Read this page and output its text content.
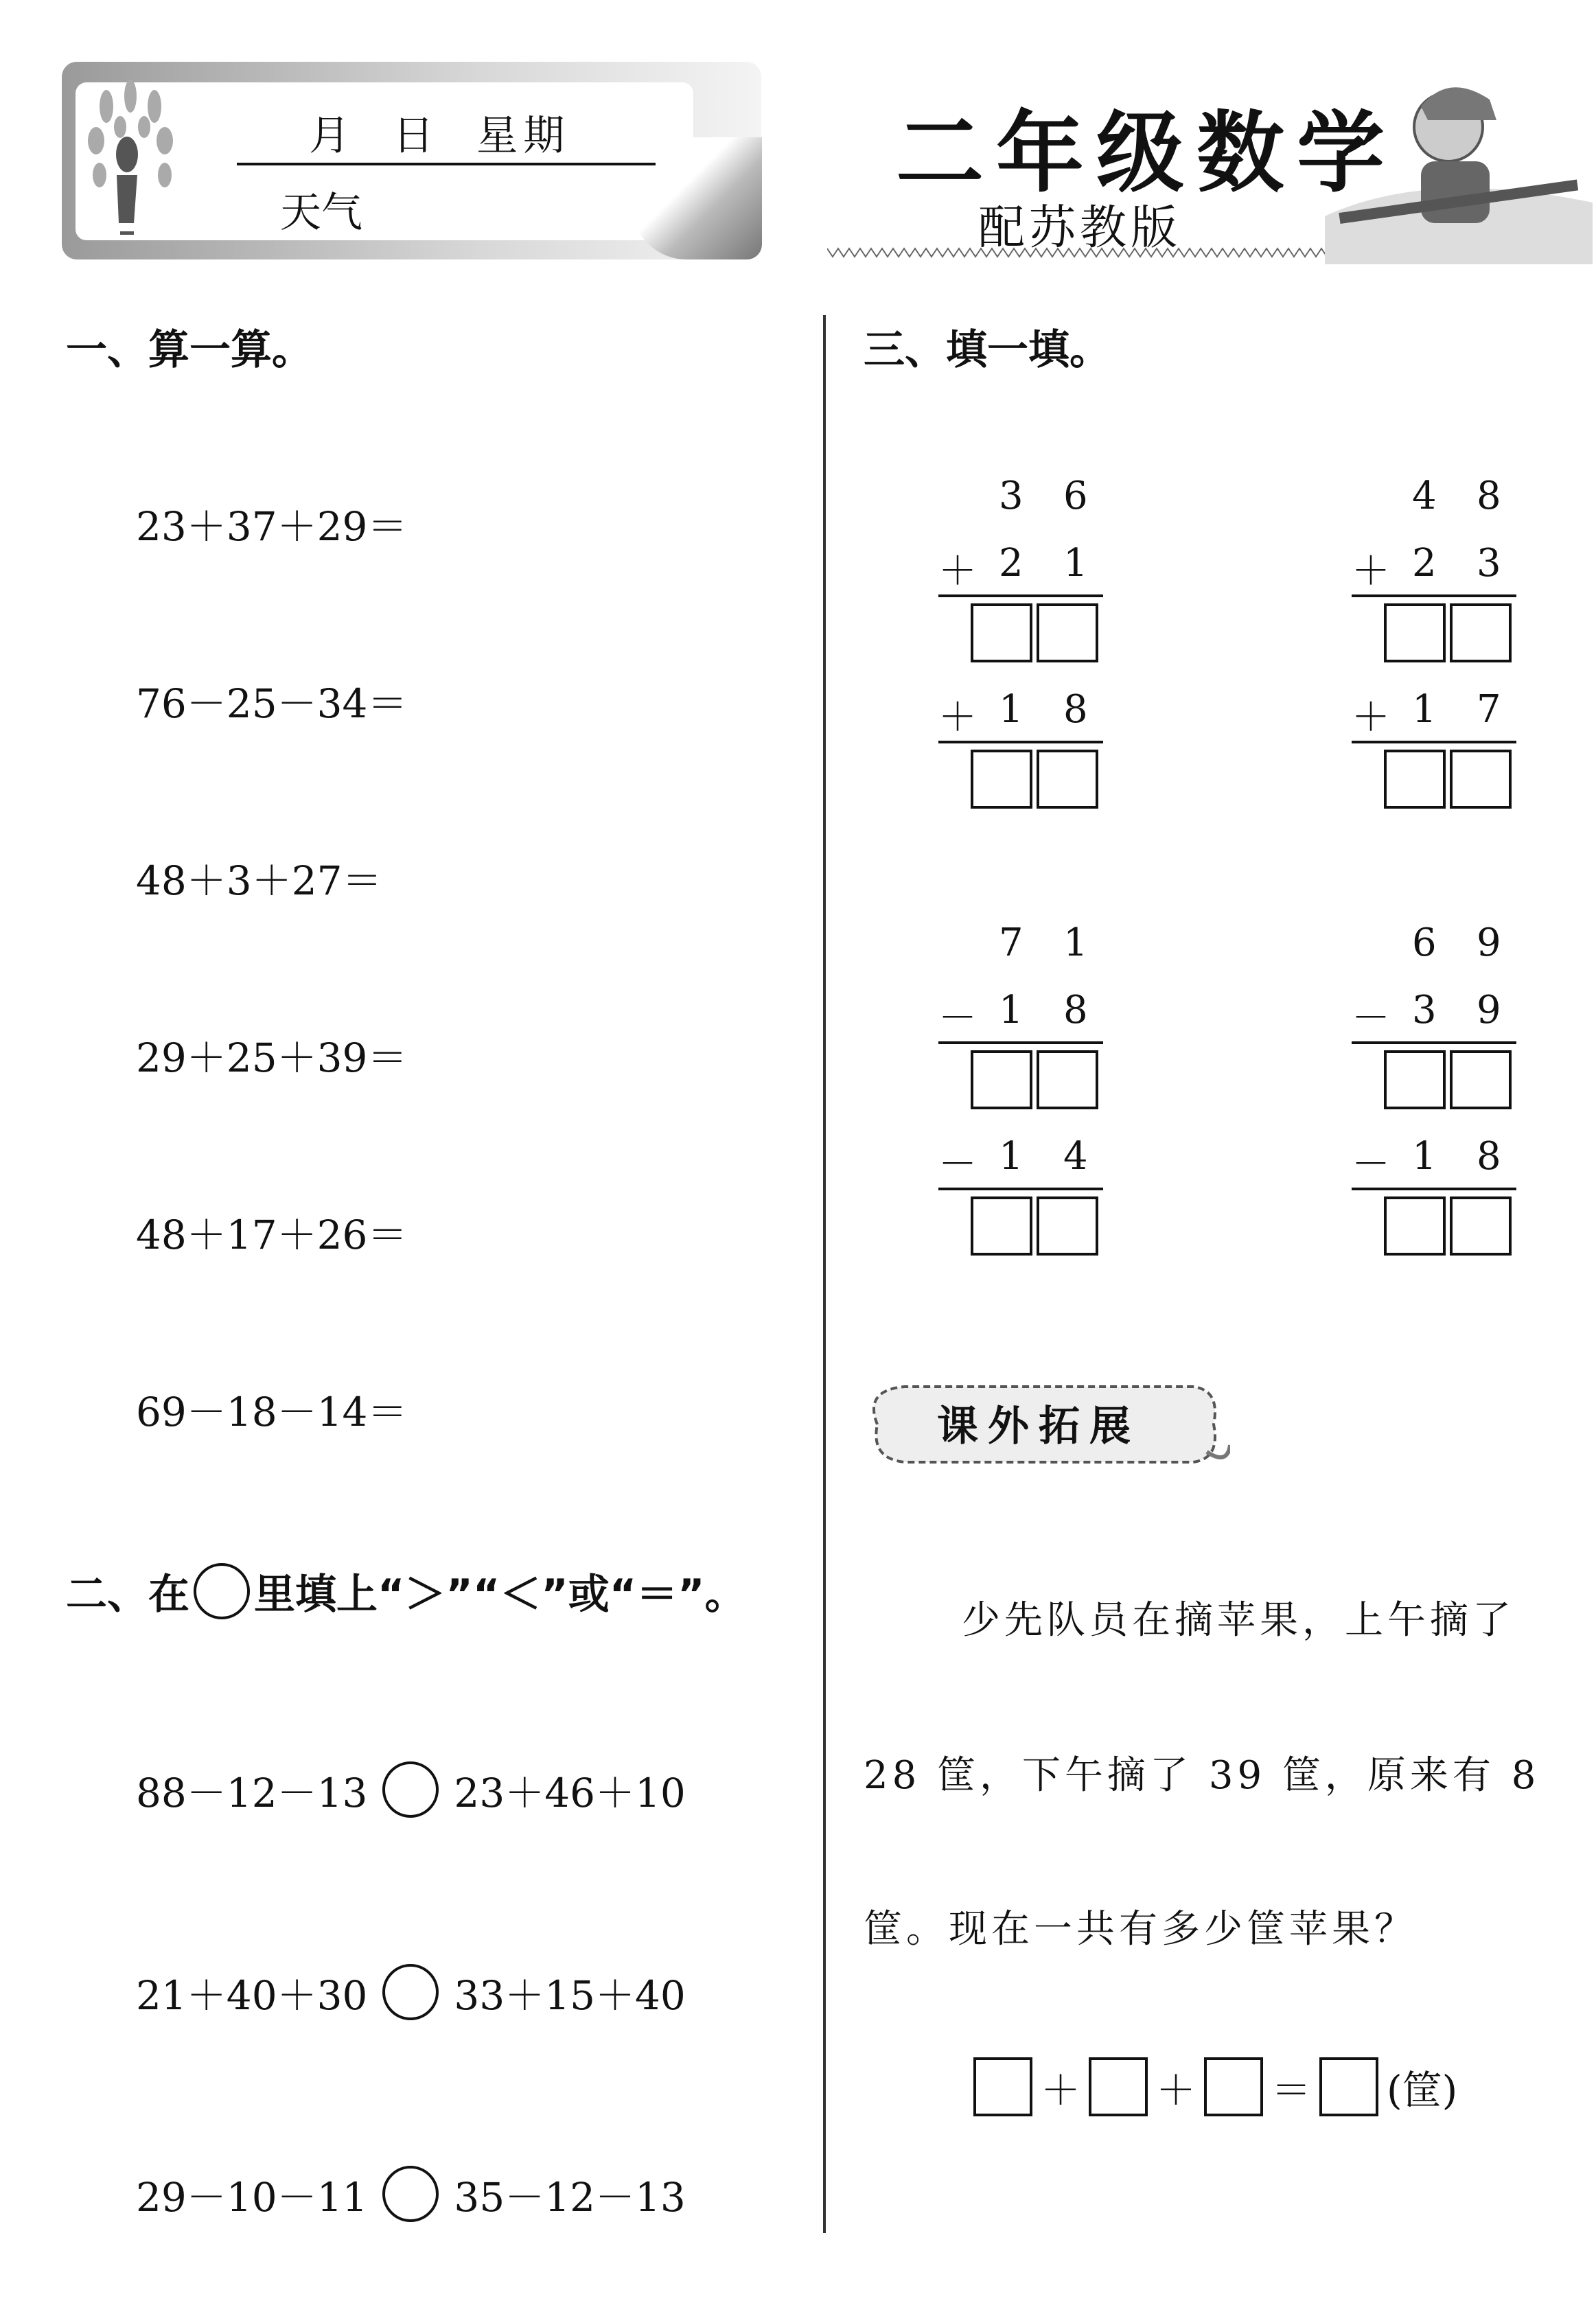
月  日  星期
天气
二年级数学
配苏教版
一、算一算。
23＋37＋29＝
76－25－34＝
48＋3＋27＝
29＋25＋39＝
48＋17＋26＝
69－18－14＝
二、在 里填上“＞”“＜”或“＝”。
88－12－13 23＋46＋10
21＋40＋30 33＋15＋40
29－10－11 35－12－13
三、填一填。
3 6
＋ 2 1
＋ 1 8
4 8
＋ 2 3
＋ 1 7
7 1
－ 1 8
－ 1 4
6 9
－ 3 9
－ 1 8
课外拓展
少先队员在摘苹果，上午摘了
28 筐，下午摘了 39 筐，原来有 8
筐。现在一共有多少筐苹果？
＋ ＋ ＝ (筐)
